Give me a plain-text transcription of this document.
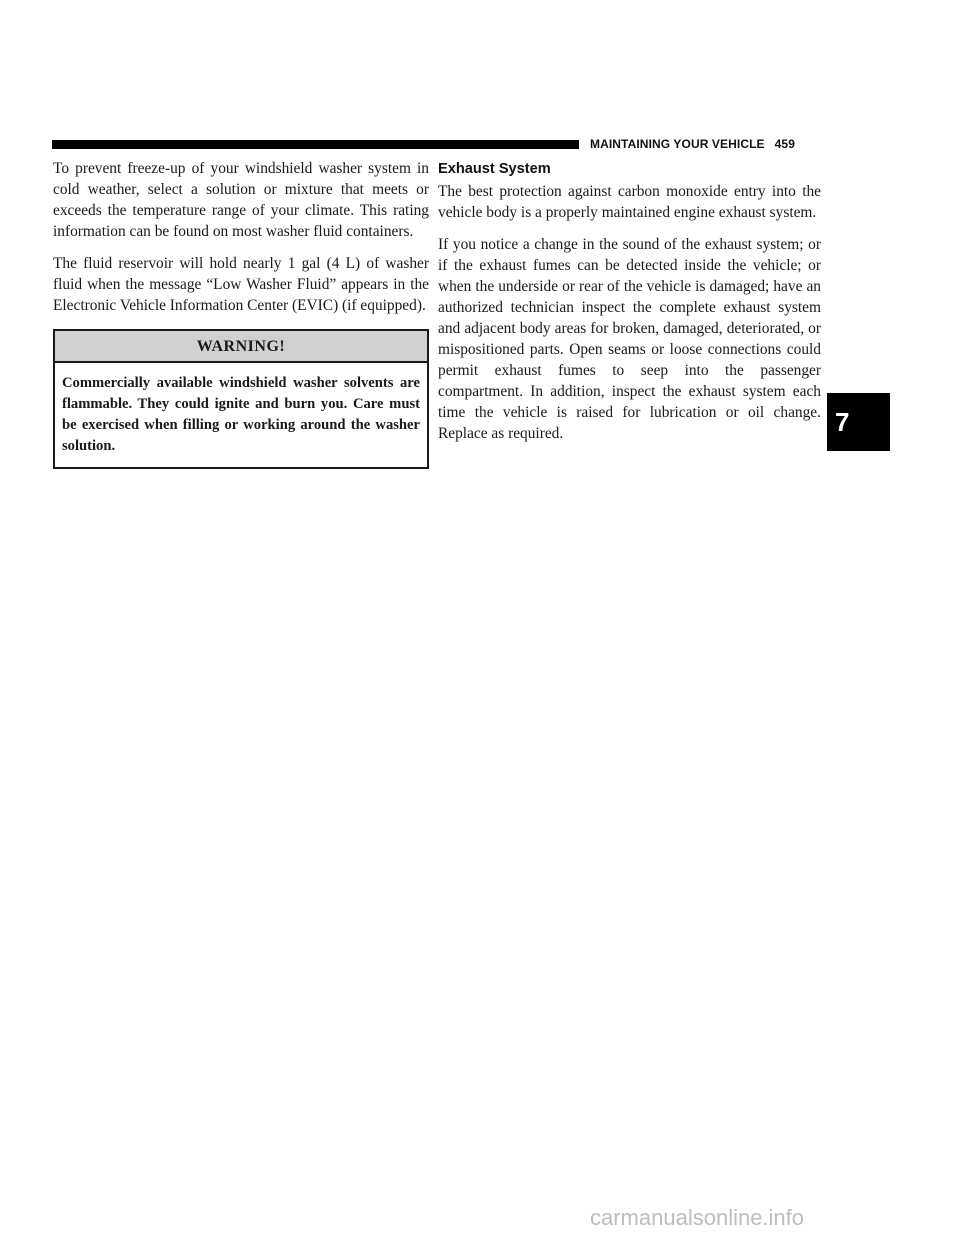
MAINTAINING YOUR VEHICLE 459

To prevent freeze-up of your windshield washer system in cold weather, select a solution or mixture that meets or exceeds the temperature range of your climate. This rating information can be found on most washer fluid containers.

The fluid reservoir will hold nearly 1 gal (4 L) of washer fluid when the message “Low Washer Fluid” appears in the Electronic Vehicle Information Center (EVIC) (if equipped).

WARNING!
Commercially available windshield washer solvents are flammable. They could ignite and burn you. Care must be exercised when filling or working around the washer solution.
Exhaust System

The best protection against carbon monoxide entry into the vehicle body is a properly maintained engine exhaust system.

If you notice a change in the sound of the exhaust system; or if the exhaust fumes can be detected inside the vehicle; or when the underside or rear of the vehicle is damaged; have an authorized technician inspect the complete exhaust system and adjacent body areas for broken, damaged, deteriorated, or mispositioned parts. Open seams or loose connections could permit exhaust fumes to seep into the passenger compartment. In addition, inspect the exhaust system each time the vehicle is raised for lubrication or oil change. Replace as required.	7
carmanualsonline.info
